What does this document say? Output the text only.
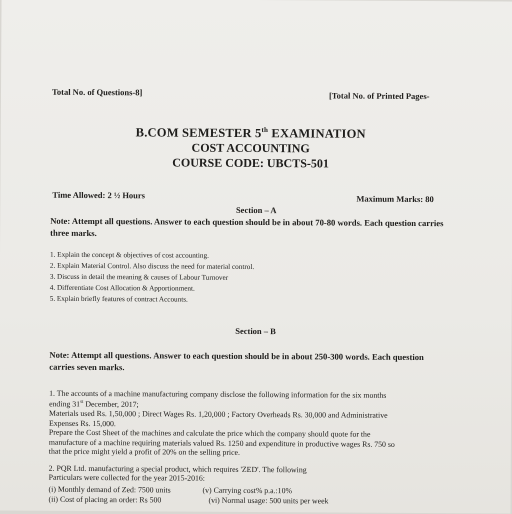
Total No. of Questions-8]	[Total No. of Printed Pages-
B.COM SEMESTER 5th EXAMINATION
COST ACCOUNTING
COURSE CODE: UBCTS-501
Time Allowed: 2 ½ Hours	Maximum Marks: 80
Section – A
Note: Attempt all questions. Answer to each question should be in about 70-80 words. Each question carries three marks.
1. Explain the concept & objectives of cost accounting.
2. Explain Material Control. Also discuss the need for material control.
3. Discuss in detail the meaning & causes of Labour Turnover
4. Differentiate Cost Allocation & Apportionment.
5. Explain briefly features of contract Accounts.
Section – B
Note: Attempt all questions. Answer to each question should be in about 250-300 words. Each question carries seven marks.
1. The accounts of a machine manufacturing company disclose the following information for the six months
ending 31st December, 2017;
Materials used Rs. 1,50,000 ; Direct Wages Rs. 1,20,000 ; Factory Overheads Rs. 30,000 and Administrative
Expenses Rs. 15,000.
Prepare the Cost Sheet of the machines and calculate the price which the company should quote for the
manufacture of a machine requiring materials valued Rs. 1250 and expenditure in productive wages Rs. 750 so
that the price might yield a profit of 20% on the selling price.
2. PQR Ltd. manufacturing a special product, which requires 'ZED'. The following
Particulars were collected for the year 2015-2016:
(i) Monthly demand of Zed: 7500 units
(ii) Cost of placing an order: Rs 500
(v) Carrying cost% p.a.:10%
(vi) Normal usage: 500 units per week
